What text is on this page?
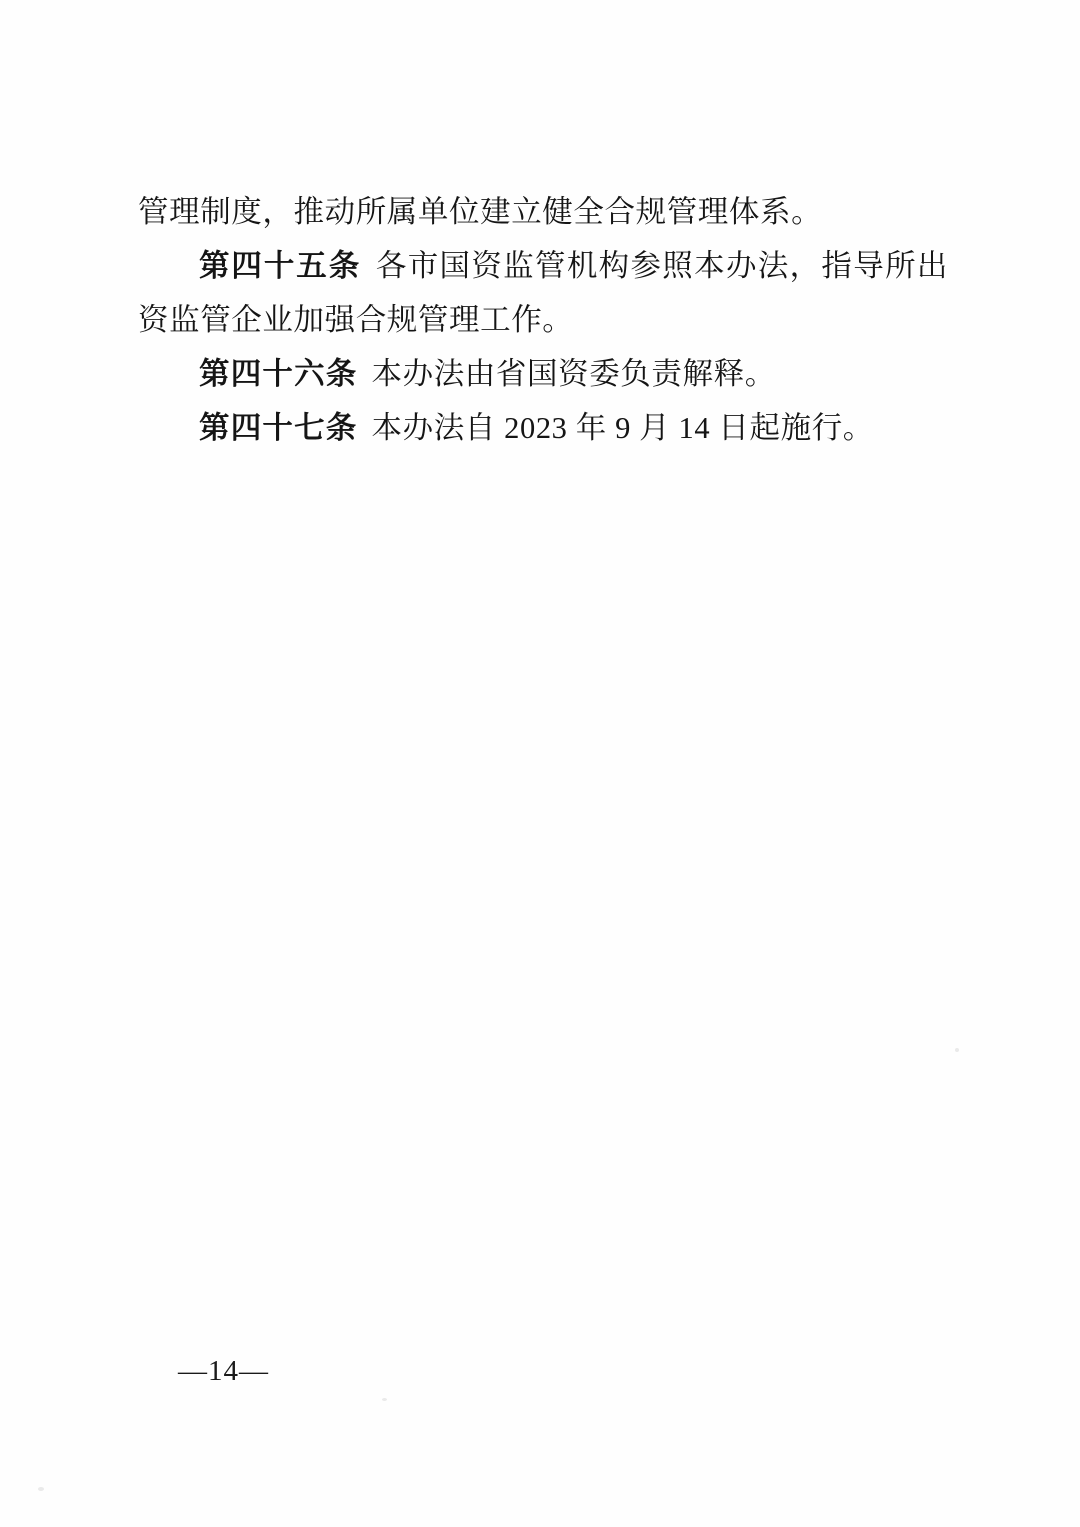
管理制度，推动所属单位建立健全合规管理体系。

第四十五条 各市国资监管机构参照本办法，指导所出资监管企业加强合规管理工作。

第四十六条 本办法由省国资委负责解释。

第四十七条 本办法自 2023 年 9 月 14 日起施行。

—14—
